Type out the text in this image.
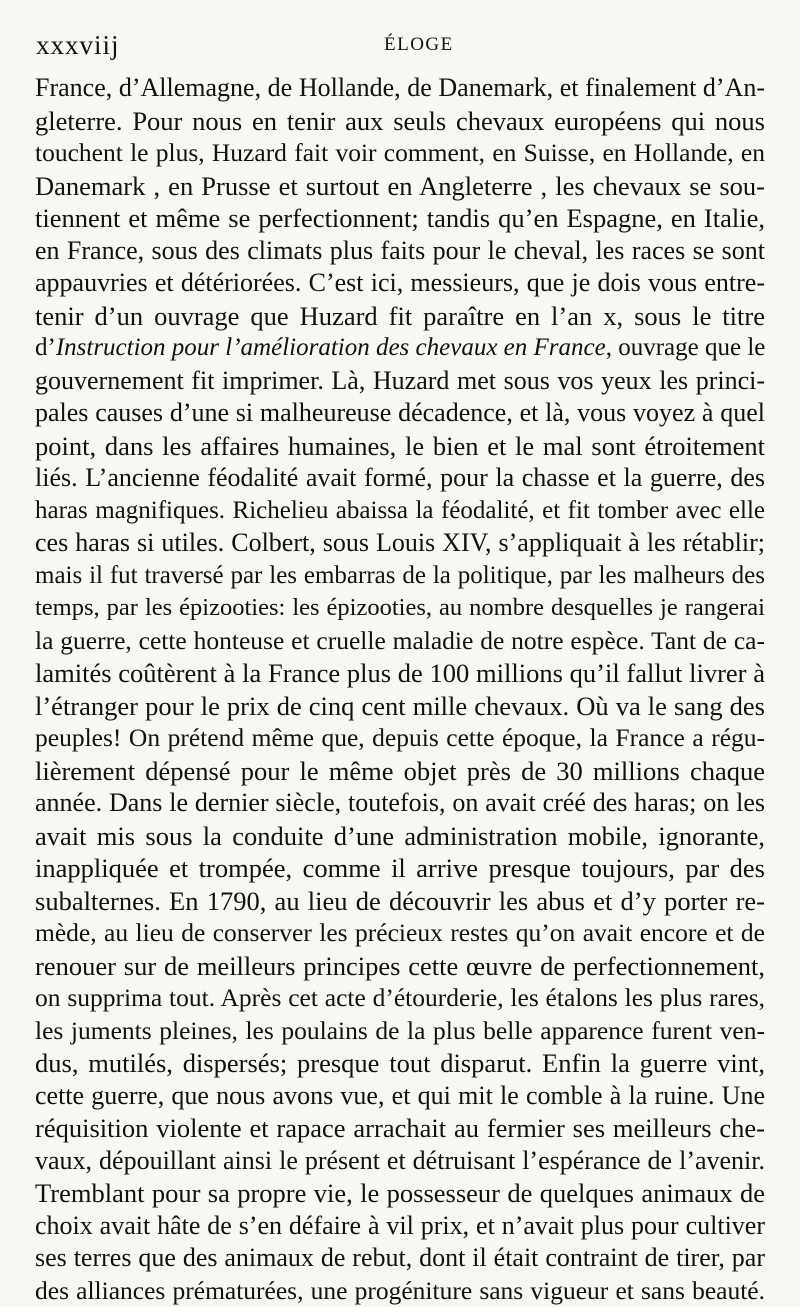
xxxviij	ÉLOGE
France, d’Allemagne, de Hollande, de Danemark, et finalement d’An-
gleterre. Pour nous en tenir aux seuls chevaux européens qui nous
touchent le plus, Huzard fait voir comment, en Suisse, en Hollande, en
Danemark , en Prusse et surtout en Angleterre , les chevaux se sou-
tiennent et même se perfectionnent; tandis qu’en Espagne, en Italie,
en France, sous des climats plus faits pour le cheval, les races se sont
appauvries et détériorées. C’est ici, messieurs, que je dois vous entre-
tenir d’un ouvrage que Huzard fit paraître en l’an x, sous le titre
d’Instruction pour l’amélioration des chevaux en France, ouvrage que le
gouvernement fit imprimer. Là, Huzard met sous vos yeux les princi-
pales causes d’une si malheureuse décadence, et là, vous voyez à quel
point, dans les affaires humaines, le bien et le mal sont étroitement
liés. L’ancienne féodalité avait formé, pour la chasse et la guerre, des
haras magnifiques. Richelieu abaissa la féodalité, et fit tomber avec elle
ces haras si utiles. Colbert, sous Louis XIV, s’appliquait à les rétablir;
mais il fut traversé par les embarras de la politique, par les malheurs des
temps, par les épizooties: les épizooties, au nombre desquelles je rangerai
la guerre, cette honteuse et cruelle maladie de notre espèce. Tant de ca-
lamités coûtèrent à la France plus de 100 millions qu’il fallut livrer à
l’étranger pour le prix de cinq cent mille chevaux. Où va le sang des
peuples! On prétend même que, depuis cette époque, la France a régu-
lièrement dépensé pour le même objet près de 30 millions chaque
année. Dans le dernier siècle, toutefois, on avait créé des haras; on les
avait mis sous la conduite d’une administration mobile, ignorante,
inappliquée et trompée, comme il arrive presque toujours, par des
subalternes. En 1790, au lieu de découvrir les abus et d’y porter re-
mède, au lieu de conserver les précieux restes qu’on avait encore et de
renouer sur de meilleurs principes cette œuvre de perfectionnement,
on supprima tout. Après cet acte d’étourderie, les étalons les plus rares,
les juments pleines, les poulains de la plus belle apparence furent ven-
dus, mutilés, dispersés; presque tout disparut. Enfin la guerre vint,
cette guerre, que nous avons vue, et qui mit le comble à la ruine. Une
réquisition violente et rapace arrachait au fermier ses meilleurs che-
vaux, dépouillant ainsi le présent et détruisant l’espérance de l’avenir.
Tremblant pour sa propre vie, le possesseur de quelques animaux de
choix avait hâte de s’en défaire à vil prix, et n’avait plus pour cultiver
ses terres que des animaux de rebut, dont il était contraint de tirer, par
des alliances prématurées, une progéniture sans vigueur et sans beauté.
